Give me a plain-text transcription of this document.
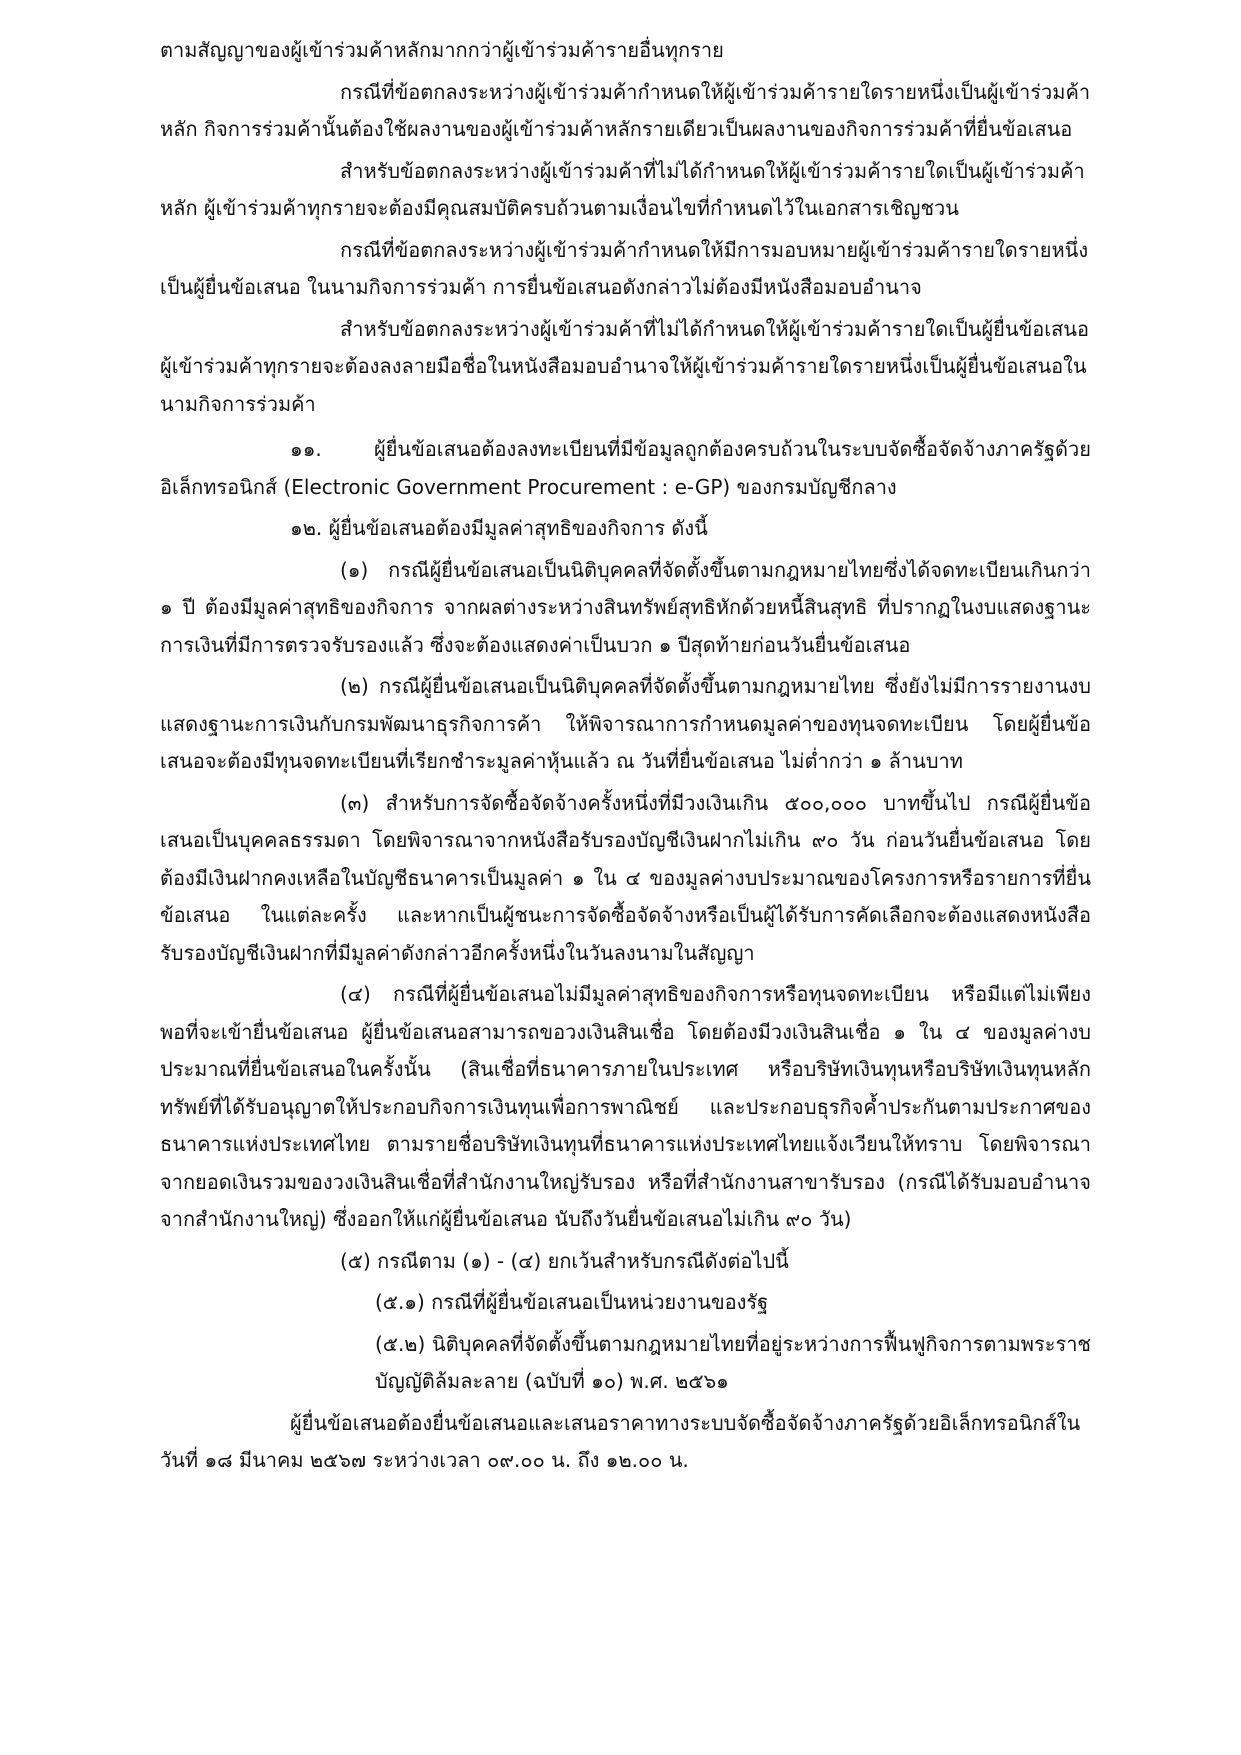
ตามสัญญาของผู้เข้าร่วมค้าหลักมากกว่าผู้เข้าร่วมค้ารายอื่นทุกราย

กรณีที่ข้อตกลงระหว่างผู้เข้าร่วมค้ากำหนดให้ผู้เข้าร่วมค้ารายใดรายหนึ่งเป็นผู้เข้าร่วมค้าหลัก กิจการร่วมค้านั้นต้องใช้ผลงานของผู้เข้าร่วมค้าหลักรายเดียวเป็นผลงานของกิจการร่วมค้าที่ยื่นข้อเสนอ

สำหรับข้อตกลงระหว่างผู้เข้าร่วมค้าที่ไม่ได้กำหนดให้ผู้เข้าร่วมค้ารายใดเป็นผู้เข้าร่วมค้าหลัก ผู้เข้าร่วมค้าทุกรายจะต้องมีคุณสมบัติครบถ้วนตามเงื่อนไขที่กำหนดไว้ในเอกสารเชิญชวน

กรณีที่ข้อตกลงระหว่างผู้เข้าร่วมค้ากำหนดให้มีการมอบหมายผู้เข้าร่วมค้ารายใดรายหนึ่งเป็นผู้ยื่นข้อเสนอ ในนามกิจการร่วมค้า การยื่นข้อเสนอดังกล่าวไม่ต้องมีหนังสือมอบอำนาจ

สำหรับข้อตกลงระหว่างผู้เข้าร่วมค้าที่ไม่ได้กำหนดให้ผู้เข้าร่วมค้ารายใดเป็นผู้ยื่นข้อเสนอผู้เข้าร่วมค้าทุกรายจะต้องลงลายมือชื่อในหนังสือมอบอำนาจให้ผู้เข้าร่วมค้ารายใดรายหนึ่งเป็นผู้ยื่นข้อเสนอในนามกิจการร่วมค้า

๑๑. ผู้ยื่นข้อเสนอต้องลงทะเบียนที่มีข้อมูลถูกต้องครบถ้วนในระบบจัดซื้อจัดจ้างภาครัฐด้วยอิเล็กทรอนิกส์ (Electronic Government Procurement : e-GP) ของกรมบัญชีกลาง

๑๒. ผู้ยื่นข้อเสนอต้องมีมูลค่าสุทธิของกิจการ ดังนี้

(๑) กรณีผู้ยื่นข้อเสนอเป็นนิติบุคคลที่จัดตั้งขึ้นตามกฎหมายไทยซึ่งได้จดทะเบียนเกินกว่า ๑ ปี ต้องมีมูลค่าสุทธิของกิจการ จากผลต่างระหว่างสินทรัพย์สุทธิหักด้วยหนี้สินสุทธิ ที่ปรากฏในงบแสดงฐานะการเงินที่มีการตรวจรับรองแล้ว ซึ่งจะต้องแสดงค่าเป็นบวก ๑ ปีสุดท้ายก่อนวันยื่นข้อเสนอ

(๒) กรณีผู้ยื่นข้อเสนอเป็นนิติบุคคลที่จัดตั้งขึ้นตามกฎหมายไทย ซึ่งยังไม่มีการรายงานงบแสดงฐานะการเงินกับกรมพัฒนาธุรกิจการค้า ให้พิจารณาการกำหนดมูลค่าของทุนจดทะเบียน โดยผู้ยื่นข้อเสนอจะต้องมีทุนจดทะเบียนที่เรียกชำระมูลค่าหุ้นแล้ว ณ วันที่ยื่นข้อเสนอ ไม่ต่ำกว่า ๑ ล้านบาท

(๓) สำหรับการจัดซื้อจัดจ้างครั้งหนึ่งที่มีวงเงินเกิน ๕๐๐,๐๐๐ บาทขึ้นไป กรณีผู้ยื่นข้อเสนอเป็นบุคคลธรรมดา โดยพิจารณาจากหนังสือรับรองบัญชีเงินฝากไม่เกิน ๙๐ วัน ก่อนวันยื่นข้อเสนอ โดยต้องมีเงินฝากคงเหลือในบัญชีธนาคารเป็นมูลค่า ๑ ใน ๔ ของมูลค่างบประมาณของโครงการหรือรายการที่ยื่นข้อเสนอ ในแต่ละครั้ง และหากเป็นผู้ชนะการจัดซื้อจัดจ้างหรือเป็นผู้ได้รับการคัดเลือกจะต้องแสดงหนังสือรับรองบัญชีเงินฝากที่มีมูลค่าดังกล่าวอีกครั้งหนึ่งในวันลงนามในสัญญา

(๔) กรณีที่ผู้ยื่นข้อเสนอไม่มีมูลค่าสุทธิของกิจการหรือทุนจดทะเบียน หรือมีแต่ไม่เพียงพอที่จะเข้ายื่นข้อเสนอ ผู้ยื่นข้อเสนอสามารถขอวงเงินสินเชื่อ โดยต้องมีวงเงินสินเชื่อ ๑ ใน ๔ ของมูลค่างบประมาณที่ยื่นข้อเสนอในครั้งนั้น (สินเชื่อที่ธนาคารภายในประเทศ หรือบริษัทเงินทุนหรือบริษัทเงินทุนหลักทรัพย์ที่ได้รับอนุญาตให้ประกอบกิจการเงินทุนเพื่อการพาณิชย์ และประกอบธุรกิจค้ำประกันตามประกาศของธนาคารแห่งประเทศไทย ตามรายชื่อบริษัทเงินทุนที่ธนาคารแห่งประเทศไทยแจ้งเวียนให้ทราบ โดยพิจารณาจากยอดเงินรวมของวงเงินสินเชื่อที่สำนักงานใหญ่รับรอง หรือที่สำนักงานสาขารับรอง (กรณีได้รับมอบอำนาจจากสำนักงานใหญ่) ซึ่งออกให้แก่ผู้ยื่นข้อเสนอ นับถึงวันยื่นข้อเสนอไม่เกิน ๙๐ วัน)

(๕) กรณีตาม (๑) - (๔) ยกเว้นสำหรับกรณีดังต่อไปนี้

(๕.๑) กรณีที่ผู้ยื่นข้อเสนอเป็นหน่วยงานของรัฐ

(๕.๒) นิติบุคคลที่จัดตั้งขึ้นตามกฎหมายไทยที่อยู่ระหว่างการฟื้นฟูกิจการตามพระราชบัญญัติล้มละลาย (ฉบับที่ ๑๐) พ.ศ. ๒๕๖๑

ผู้ยื่นข้อเสนอต้องยื่นข้อเสนอและเสนอราคาทางระบบจัดซื้อจัดจ้างภาครัฐด้วยอิเล็กทรอนิกส์ในวันที่ ๑๘ มีนาคม ๒๕๖๗ ระหว่างเวลา ๐๙.๐๐ น. ถึง ๑๒.๐๐ น.
